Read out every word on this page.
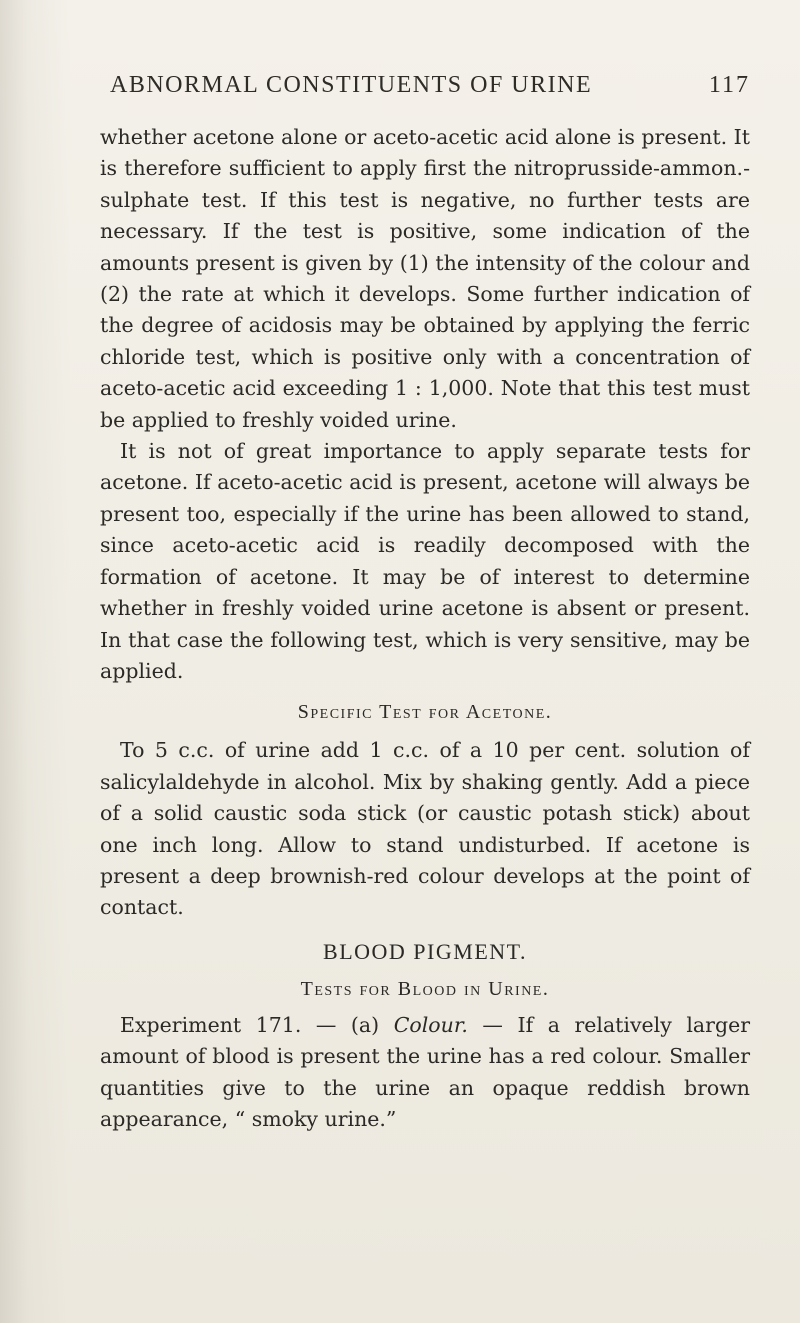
ABNORMAL CONSTITUENTS OF URINE	117

whether acetone alone or aceto-acetic acid alone is present. It is therefore sufficient to apply first the nitroprusside-ammon.-sulphate test. If this test is negative, no further tests are necessary. If the test is positive, some indication of the amounts present is given by (1) the intensity of the colour and (2) the rate at which it develops. Some further indication of the degree of acidosis may be obtained by applying the ferric chloride test, which is positive only with a concentration of aceto-acetic acid exceeding 1 : 1,000. Note that this test must be applied to freshly voided urine.

It is not of great importance to apply separate tests for acetone. If aceto-acetic acid is present, acetone will always be present too, especially if the urine has been allowed to stand, since aceto-acetic acid is readily decomposed with the formation of acetone. It may be of interest to determine whether in freshly voided urine acetone is absent or present. In that case the following test, which is very sensitive, may be applied.

Specific Test for Acetone.

To 5 c.c. of urine add 1 c.c. of a 10 per cent. solution of salicylaldehyde in alcohol. Mix by shaking gently. Add a piece of a solid caustic soda stick (or caustic potash stick) about one inch long. Allow to stand undisturbed. If acetone is present a deep brownish-red colour develops at the point of contact.

BLOOD PIGMENT.

Tests for Blood in Urine.

Experiment 171. — (a) Colour. — If a relatively larger amount of blood is present the urine has a red colour. Smaller quantities give to the urine an opaque reddish brown appearance, “ smoky urine.”
